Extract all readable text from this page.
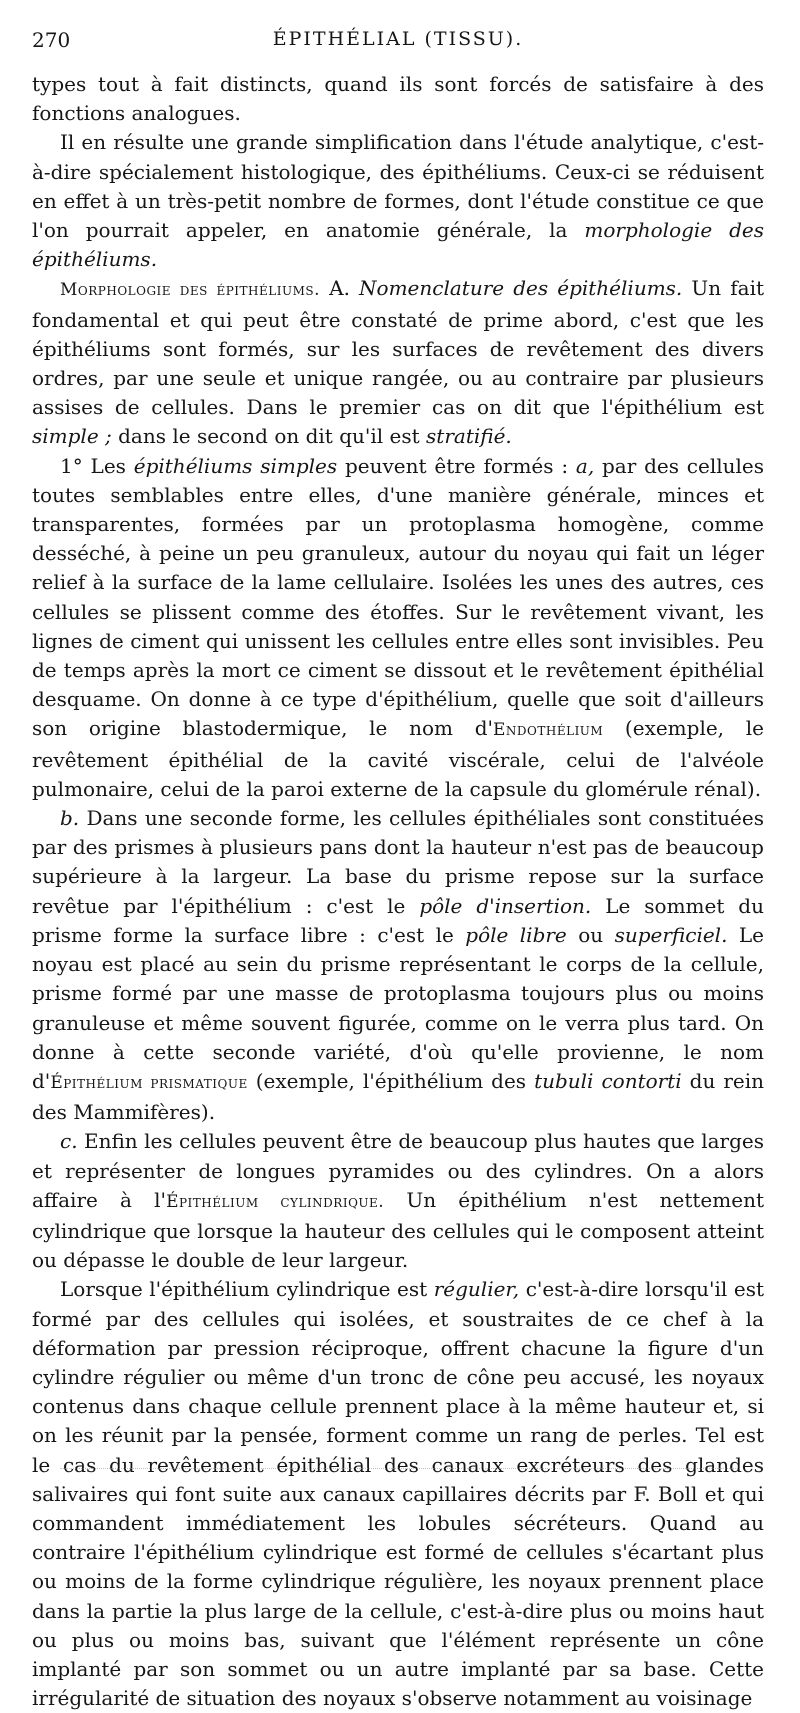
270	ÉPITHÉLIAL (TISSU).

types tout à fait distincts, quand ils sont forcés de satisfaire à des fonctions analogues.

Il en résulte une grande simplification dans l'étude analytique, c'est-à-dire spécialement histologique, des épithéliums. Ceux-ci se réduisent en effet à un très-petit nombre de formes, dont l'étude constitue ce que l'on pourrait appeler, en anatomie générale, la morphologie des épithéliums.

Morphologie des épithéliums. A. Nomenclature des épithéliums. Un fait fondamental et qui peut être constaté de prime abord, c'est que les épithéliums sont formés, sur les surfaces de revêtement des divers ordres, par une seule et unique rangée, ou au contraire par plusieurs assises de cellules. Dans le premier cas on dit que l'épithélium est simple ; dans le second on dit qu'il est stratifié.

1° Les épithéliums simples peuvent être formés : a, par des cellules toutes semblables entre elles, d'une manière générale, minces et transparentes, formées par un protoplasma homogène, comme desséché, à peine un peu granuleux, autour du noyau qui fait un léger relief à la surface de la lame cellulaire. Isolées les unes des autres, ces cellules se plissent comme des étoffes. Sur le revêtement vivant, les lignes de ciment qui unissent les cellules entre elles sont invisibles. Peu de temps après la mort ce ciment se dissout et le revêtement épithélial desquame. On donne à ce type d'épithélium, quelle que soit d'ailleurs son origine blastodermique, le nom d'Endothélium (exemple, le revêtement épithélial de la cavité viscérale, celui de l'alvéole pulmonaire, celui de la paroi externe de la capsule du glomérule rénal).

b. Dans une seconde forme, les cellules épithéliales sont constituées par des prismes à plusieurs pans dont la hauteur n'est pas de beaucoup supérieure à la largeur. La base du prisme repose sur la surface revêtue par l'épithélium : c'est le pôle d'insertion. Le sommet du prisme forme la surface libre : c'est le pôle libre ou superficiel. Le noyau est placé au sein du prisme représentant le corps de la cellule, prisme formé par une masse de protoplasma toujours plus ou moins granuleuse et même souvent figurée, comme on le verra plus tard. On donne à cette seconde variété, d'où qu'elle provienne, le nom d'Épithélium prismatique (exemple, l'épithélium des tubuli contorti du rein des Mammifères).

c. Enfin les cellules peuvent être de beaucoup plus hautes que larges et représenter de longues pyramides ou des cylindres. On a alors affaire à l'Épithélium cylindrique. Un épithélium n'est nettement cylindrique que lorsque la hauteur des cellules qui le composent atteint ou dépasse le double de leur largeur.

Lorsque l'épithélium cylindrique est régulier, c'est-à-dire lorsqu'il est formé par des cellules qui isolées, et soustraites de ce chef à la déformation par pression réciproque, offrent chacune la figure d'un cylindre régulier ou même d'un tronc de cône peu accusé, les noyaux contenus dans chaque cellule prennent place à la même hauteur et, si on les réunit par la pensée, forment comme un rang de perles. Tel est le cas du revêtement épithélial des canaux excréteurs des glandes salivaires qui font suite aux canaux capillaires décrits par F. Boll et qui commandent immédiatement les lobules sécréteurs. Quand au contraire l'épithélium cylindrique est formé de cellules s'écartant plus ou moins de la forme cylindrique régulière, les noyaux prennent place dans la partie la plus large de la cellule, c'est-à-dire plus ou moins haut ou plus ou moins bas, suivant que l'élément représente un cône implanté par son sommet ou un autre implanté par sa base. Cette irrégularité de situation des noyaux s'observe notamment au voisinage
